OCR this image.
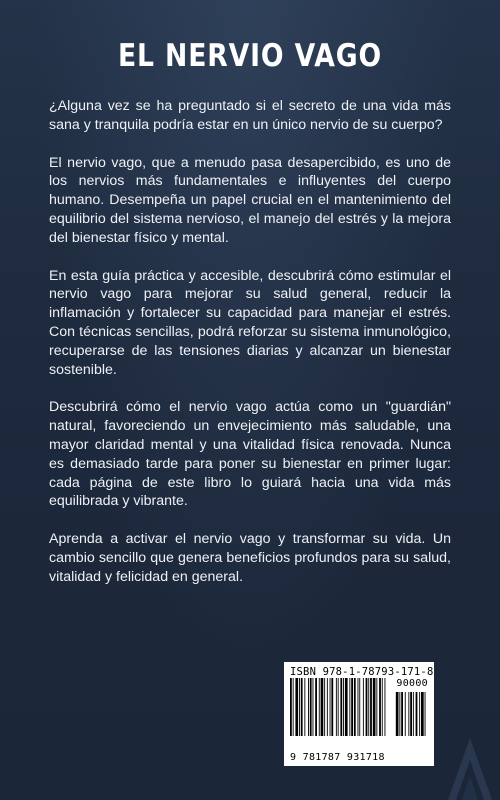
EL NERVIO VAGO

¿Alguna vez se ha preguntado si el secreto de una vida más sana y tranquila podría estar en un único nervio de su cuerpo?

El nervio vago, que a menudo pasa desapercibido, es uno de los nervios más fundamentales e influyentes del cuerpo humano. Desempeña un papel crucial en el mantenimiento del equilibrio del sistema nervioso, el manejo del estrés y la mejora del bienestar físico y mental.

En esta guía práctica y accesible, descubrirá cómo estimular el nervio vago para mejorar su salud general, reducir la inflamación y fortalecer su capacidad para manejar el estrés. Con técnicas sencillas, podrá reforzar su sistema inmunológico, recuperarse de las tensiones diarias y alcanzar un bienestar sostenible.

Descubrirá cómo el nervio vago actúa como un "guardián" natural, favoreciendo un envejecimiento más saludable, una mayor claridad mental y una vitalidad física renovada. Nunca es demasiado tarde para poner su bienestar en primer lugar: cada página de este libro lo guiará hacia una vida más equilibrada y vibrante.

Aprenda a activar el nervio vago y transformar su vida. Un cambio sencillo que genera beneficios profundos para su salud, vitalidad y felicidad en general.

ISBN 978-1-78793-171-8
90000
9 781787 931718
